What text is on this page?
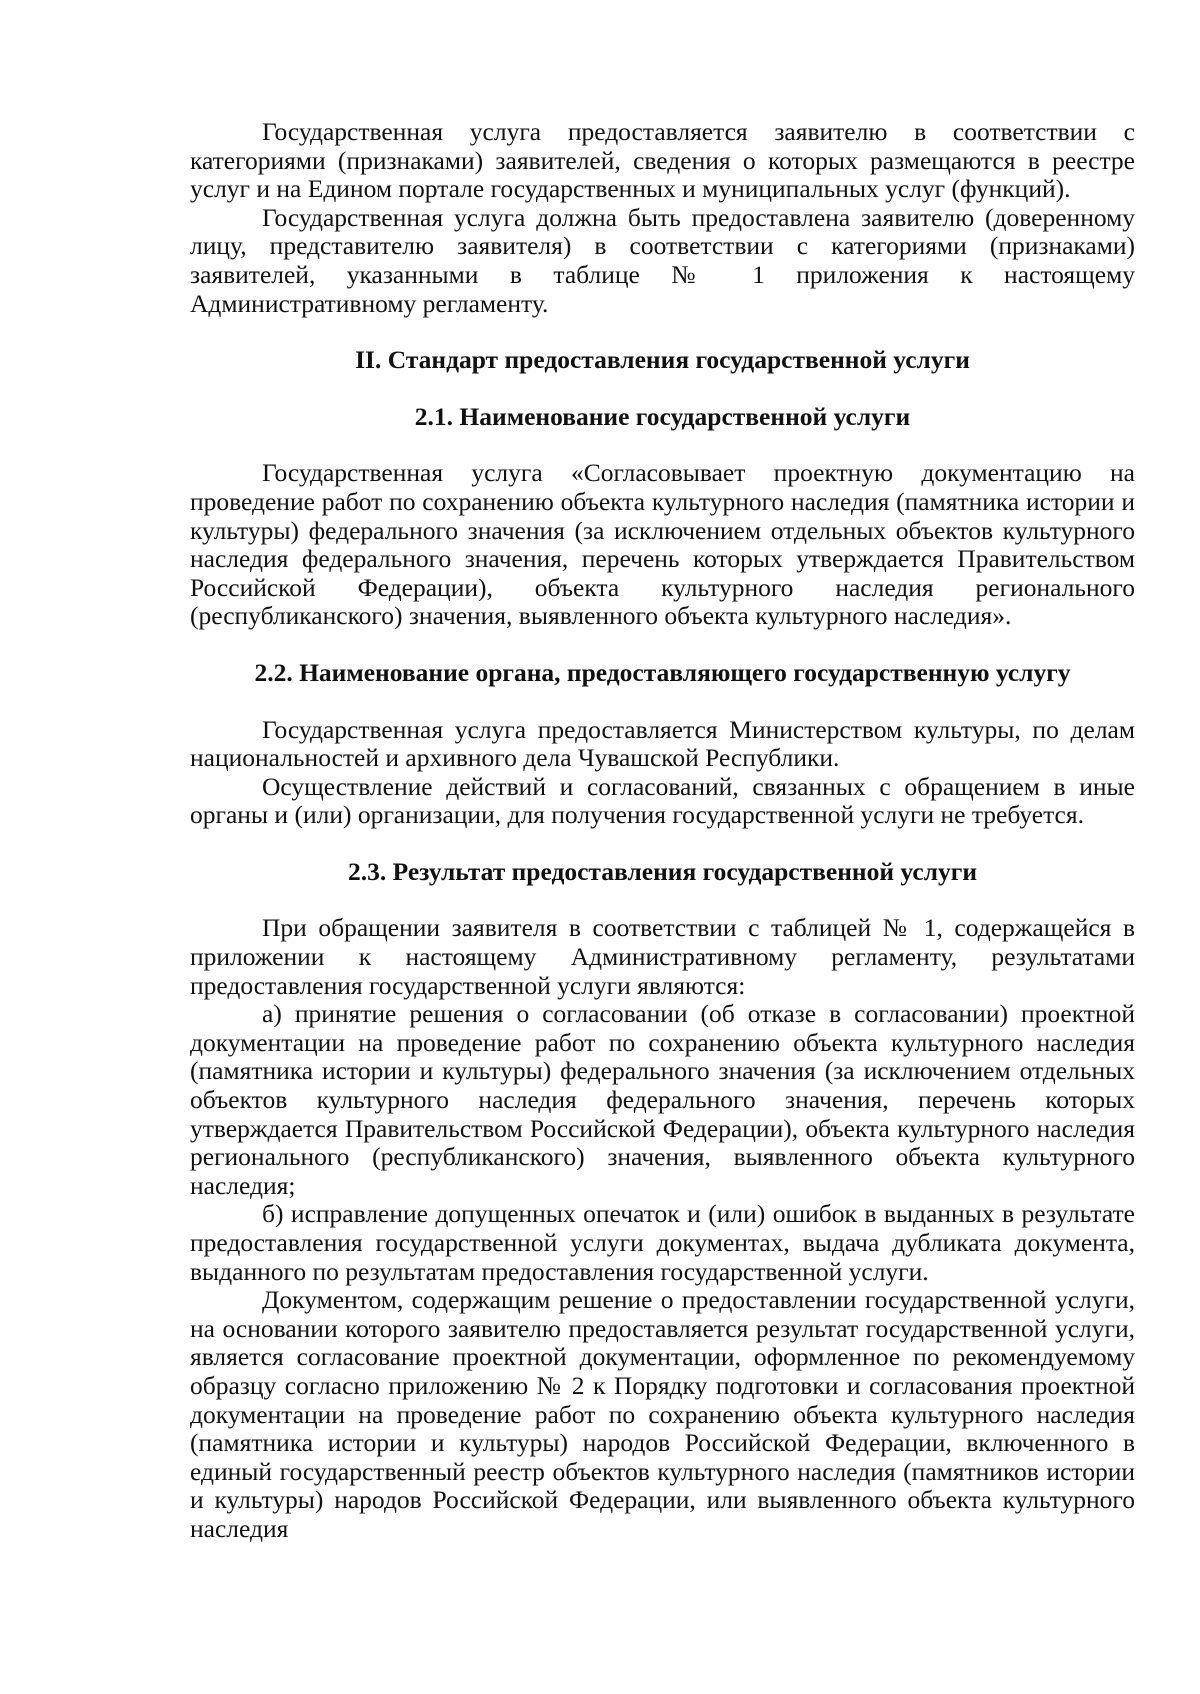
Государственная услуга предоставляется заявителю в соответствии с категориями (признаками) заявителей, сведения о которых размещаются в реестре услуг и на Едином портале государственных и муниципальных услуг (функций).

Государственная услуга должна быть предоставлена заявителю (доверенному лицу, представителю заявителя) в соответствии с категориями (признаками) заявителей, указанными в таблице № 1 приложения к настоящему Административному регламенту.

II. Стандарт предоставления государственной услуги
2.1. Наименование государственной услуги

Государственная услуга «Согласовывает проектную документацию на проведение работ по сохранению объекта культурного наследия (памятника истории и культуры) федерального значения (за исключением отдельных объектов культурного наследия федерального значения, перечень которых утверждается Правительством Российской Федерации), объекта культурного наследия регионального (республиканского) значения, выявленного объекта культурного наследия».

2.2. Наименование органа, предоставляющего государственную услугу

Государственная услуга предоставляется Министерством культуры, по делам национальностей и архивного дела Чувашской Республики.

Осуществление действий и согласований, связанных с обращением в иные органы и (или) организации, для получения государственной услуги не требуется.

2.3. Результат предоставления государственной услуги

При обращении заявителя в соответствии с таблицей № 1, содержащейся в приложении к настоящему Административному регламенту, результатами предоставления государственной услуги являются:

а) принятие решения о согласовании (об отказе в согласовании) проектной документации на проведение работ по сохранению объекта культурного наследия (памятника истории и культуры) федерального значения (за исключением отдельных объектов культурного наследия федерального значения, перечень которых утверждается Правительством Российской Федерации), объекта культурного наследия регионального (республиканского) значения, выявленного объекта культурного наследия;

б) исправление допущенных опечаток и (или) ошибок в выданных в результате предоставления государственной услуги документах, выдача дубликата документа, выданного по результатам предоставления государственной услуги.

Документом, содержащим решение о предоставлении государственной услуги, на основании которого заявителю предоставляется результат государственной услуги, является согласование проектной документации, оформленное по рекомендуемому образцу согласно приложению № 2 к Порядку подготовки и согласования проектной документации на проведение работ по сохранению объекта культурного наследия (памятника истории и культуры) народов Российской Федерации, включенного в единый государственный реестр объектов культурного наследия (памятников истории и культуры) народов Российской Федерации, или выявленного объекта культурного наследия
